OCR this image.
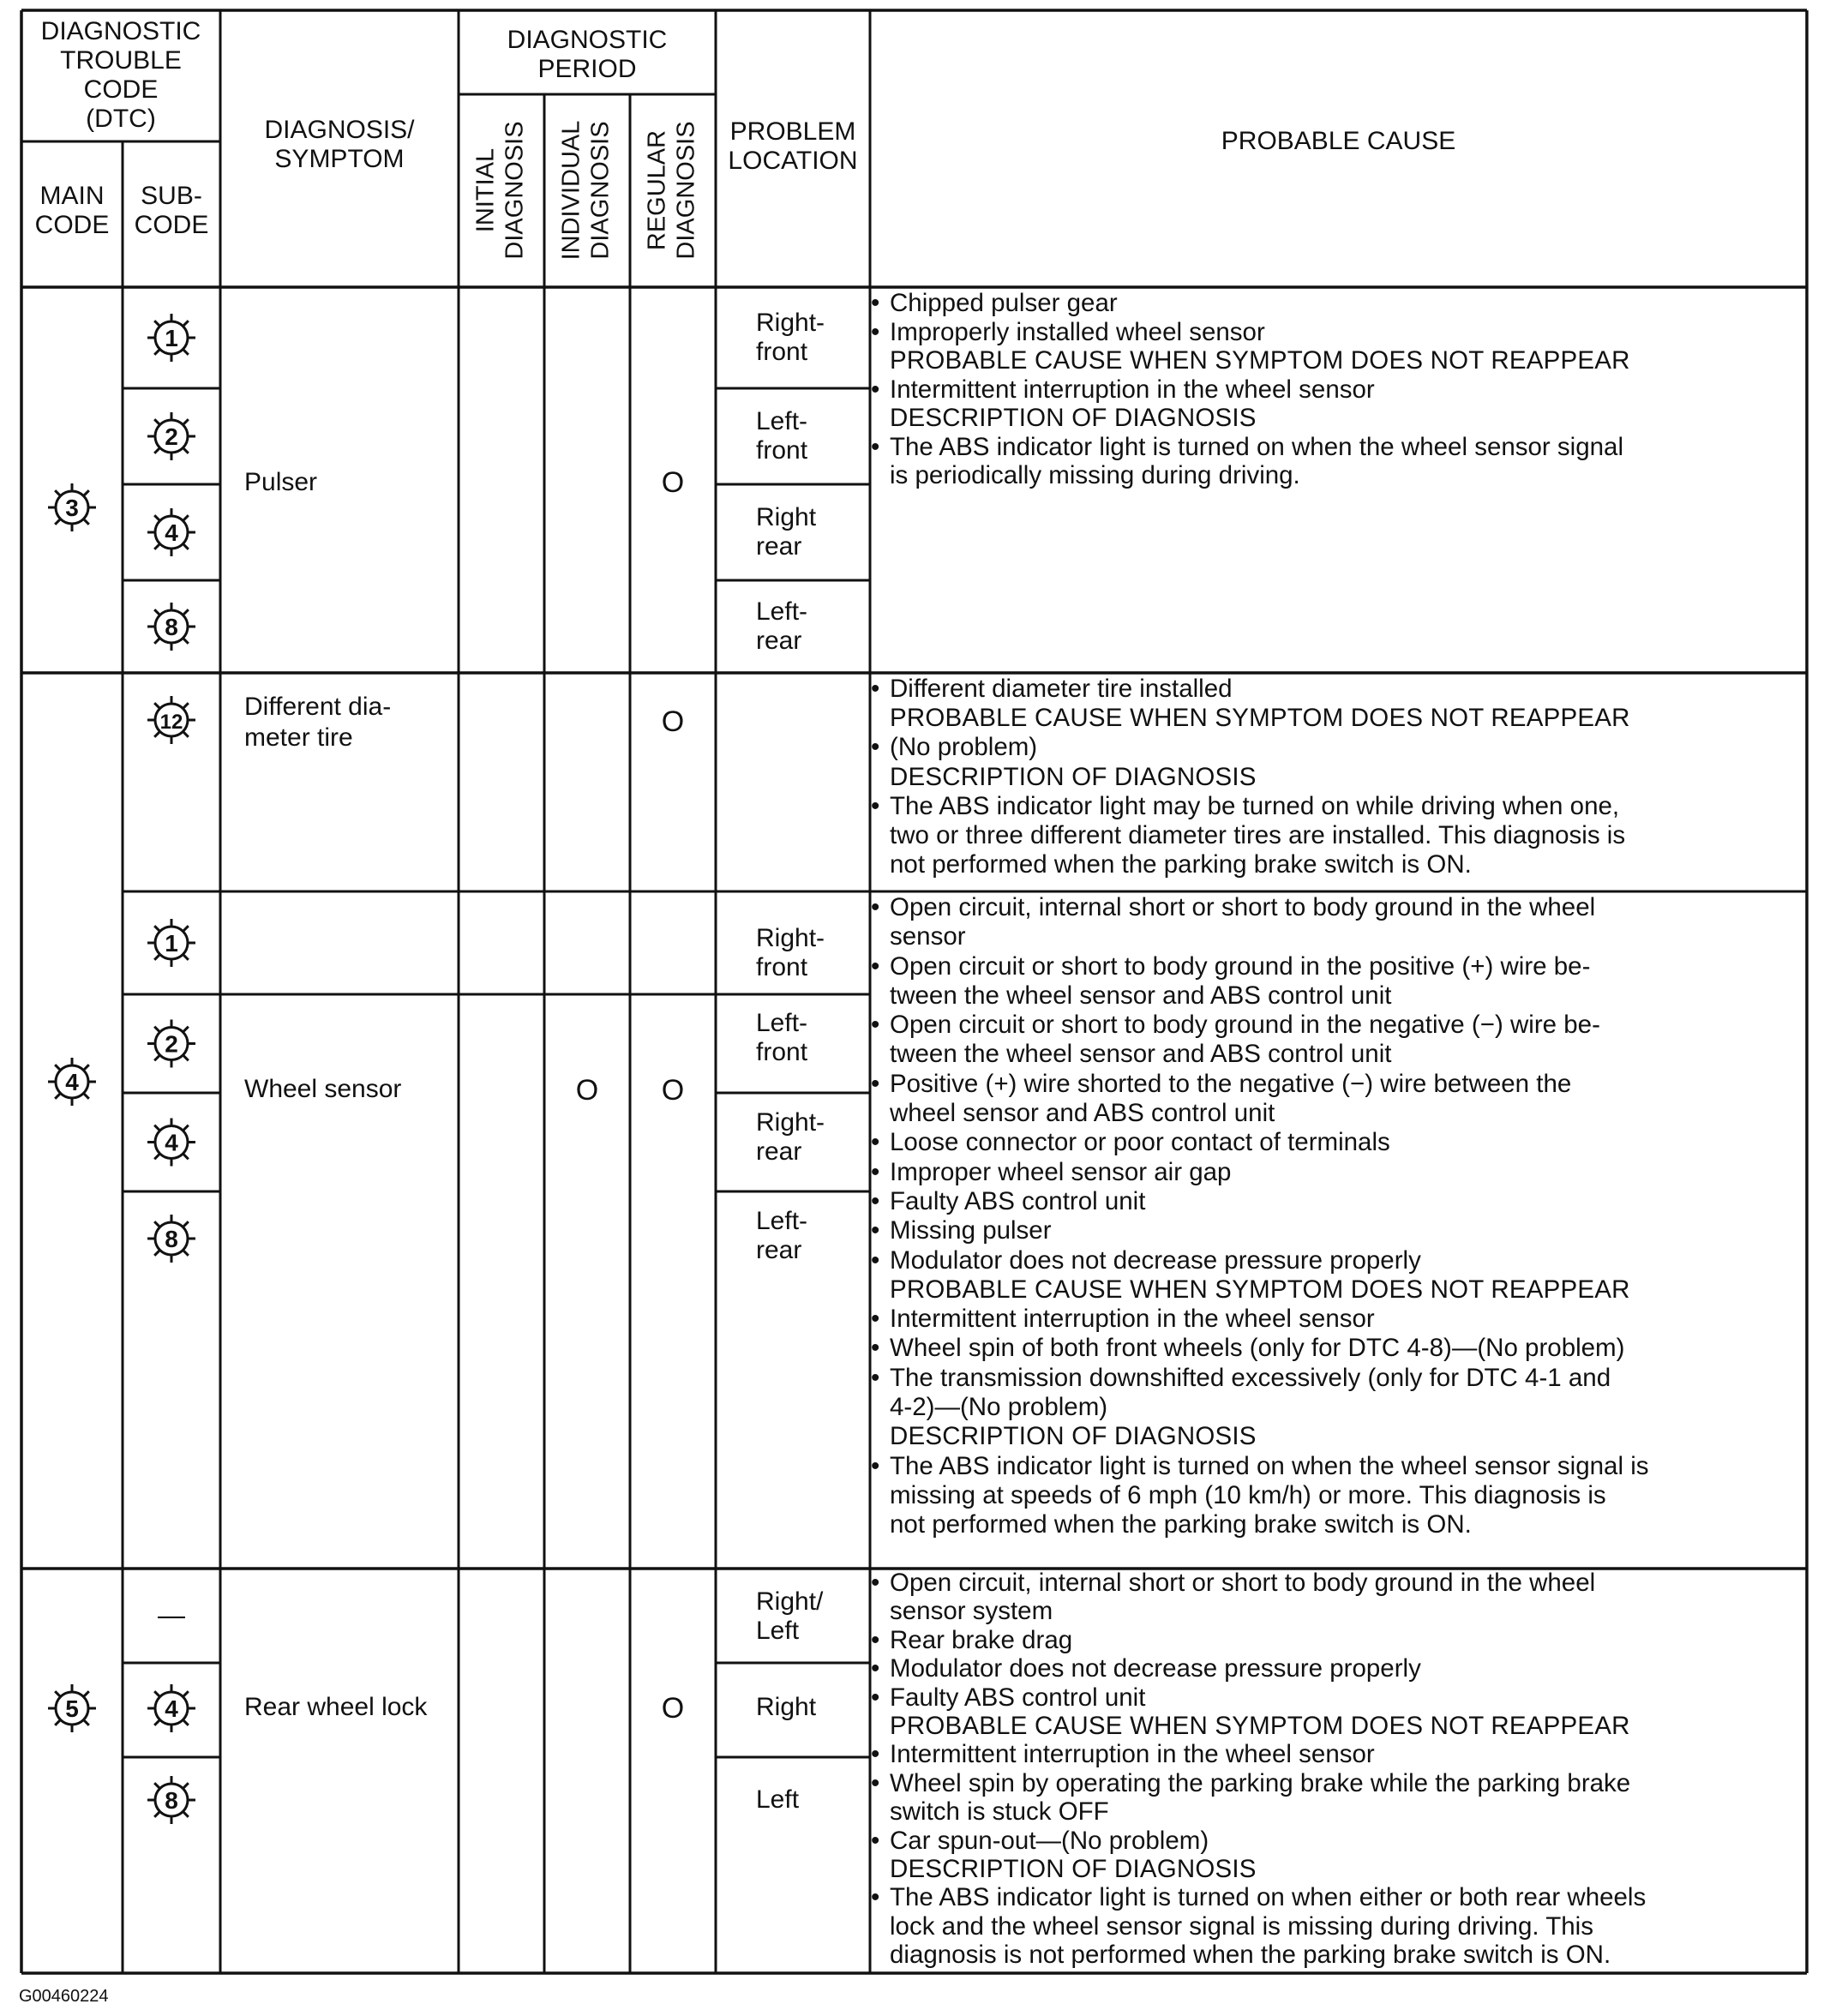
3
1
2
4
8
O
4
12	O
1
2
4
8
O O
5
—
4
8
O
DIAGNOSTIC
TROUBLE
CODE
(DTC)
MAIN
CODE
SUB-
CODE
DIAGNOSIS/
SYMPTOM
DIAGNOSTIC
PERIOD
PROBLEM
LOCATION
PROBABLE CAUSE
INITIAL DIAGNOSIS INDIVIDUAL DIAGNOSIS REGULAR DIAGNOSIS
Pulser
Right-
front
Left-
front
Right
rear
Left-
rear
Different dia-
meter tire
Wheel sensor
Right-
front
Left-
front
Right-
rear
Left-
rear
Rear wheel lock
Right/
Left
Right
Left
• Chipped pulser gear
• Improperly installed wheel sensor
PROBABLE CAUSE WHEN SYMPTOM DOES NOT REAPPEAR
• Intermittent interruption in the wheel sensor
DESCRIPTION OF DIAGNOSIS
• The ABS indicator light is turned on when the wheel sensor signal
is periodically missing during driving.
• Different diameter tire installed
PROBABLE CAUSE WHEN SYMPTOM DOES NOT REAPPEAR
• (No problem)
DESCRIPTION OF DIAGNOSIS
• The ABS indicator light may be turned on while driving when one,
two or three different diameter tires are installed. This diagnosis is
not performed when the parking brake switch is ON.
• Open circuit, internal short or short to body ground in the wheel
sensor
• Open circuit or short to body ground in the positive (+) wire be-
tween the wheel sensor and ABS control unit
• Open circuit or short to body ground in the negative (−) wire be-
tween the wheel sensor and ABS control unit
• Positive (+) wire shorted to the negative (−) wire between the
wheel sensor and ABS control unit
• Loose connector or poor contact of terminals
• Improper wheel sensor air gap
• Faulty ABS control unit
• Missing pulser
• Modulator does not decrease pressure properly
PROBABLE CAUSE WHEN SYMPTOM DOES NOT REAPPEAR
• Intermittent interruption in the wheel sensor
• Wheel spin of both front wheels (only for DTC 4-8)—(No problem)
• The transmission downshifted excessively (only for DTC 4-1 and
4-2)—(No problem)
DESCRIPTION OF DIAGNOSIS
• The ABS indicator light is turned on when the wheel sensor signal is
missing at speeds of 6 mph (10 km/h) or more. This diagnosis is
not performed when the parking brake switch is ON.
• Open circuit, internal short or short to body ground in the wheel
sensor system
• Rear brake drag
• Modulator does not decrease pressure properly
• Faulty ABS control unit
PROBABLE CAUSE WHEN SYMPTOM DOES NOT REAPPEAR
• Intermittent interruption in the wheel sensor
• Wheel spin by operating the parking brake while the parking brake
switch is stuck OFF
• Car spun-out—(No problem)
DESCRIPTION OF DIAGNOSIS
• The ABS indicator light is turned on when either or both rear wheels
lock and the wheel sensor signal is missing during driving. This
diagnosis is not performed when the parking brake switch is ON.
G00460224
